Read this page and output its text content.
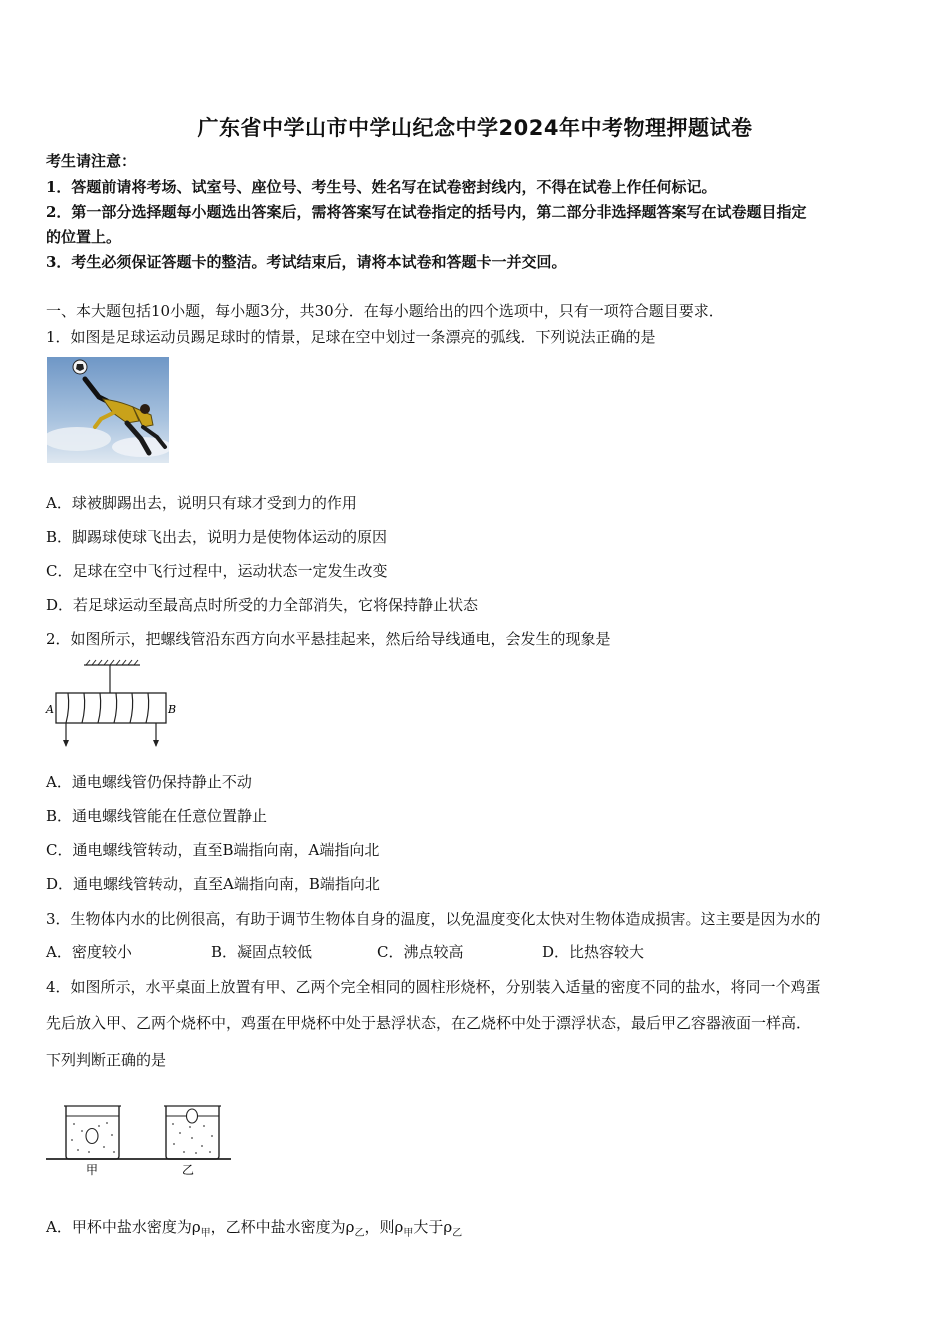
广东省中学山市中学山纪念中学2024年中考物理押题试卷
考生请注意：
1．答题前请将考场、试室号、座位号、考生号、姓名写在试卷密封线内，不得在试卷上作任何标记。
2．第一部分选择题每小题选出答案后，需将答案写在试卷指定的括号内，第二部分非选择题答案写在试卷题目指定
的位置上。
3．考生必须保证答题卡的整洁。考试结束后，请将本试卷和答题卡一并交回。
一、本大题包括10小题，每小题3分，共30分．在每小题给出的四个选项中，只有一项符合题目要求．
1．如图是足球运动员踢足球时的情景，足球在空中划过一条漂亮的弧线．下列说法正确的是
A．球被脚踢出去，说明只有球才受到力的作用
B．脚踢球使球飞出去，说明力是使物体运动的原因
C．足球在空中飞行过程中，运动状态一定发生改变
D．若足球运动至最高点时所受的力全部消失，它将保持静止状态
2．如图所示，把螺线管沿东西方向水平悬挂起来，然后给导线通电，会发生的现象是
A	B
A．通电螺线管仍保持静止不动
B．通电螺线管能在任意位置静止
C．通电螺线管转动，直至B端指向南，A端指向北
D．通电螺线管转动，直至A端指向南，B端指向北
3．生物体内水的比例很高，有助于调节生物体自身的温度，以免温度变化太快对生物体造成损害。这主要是因为水的
A．密度较小	B．凝固点较低	C．沸点较高	D．比热容较大
4．如图所示，水平桌面上放置有甲、乙两个完全相同的圆柱形烧杯，分别装入适量的密度不同的盐水，将同一个鸡蛋
先后放入甲、乙两个烧杯中，鸡蛋在甲烧杯中处于悬浮状态，在乙烧杯中处于漂浮状态，最后甲乙容器液面一样高．
下列判断正确的是
甲	乙
A．甲杯中盐水密度为$\rho_甲$，乙杯中盐水密度为$\rho_乙$，则$\rho_甲$大于$\rho_乙$
